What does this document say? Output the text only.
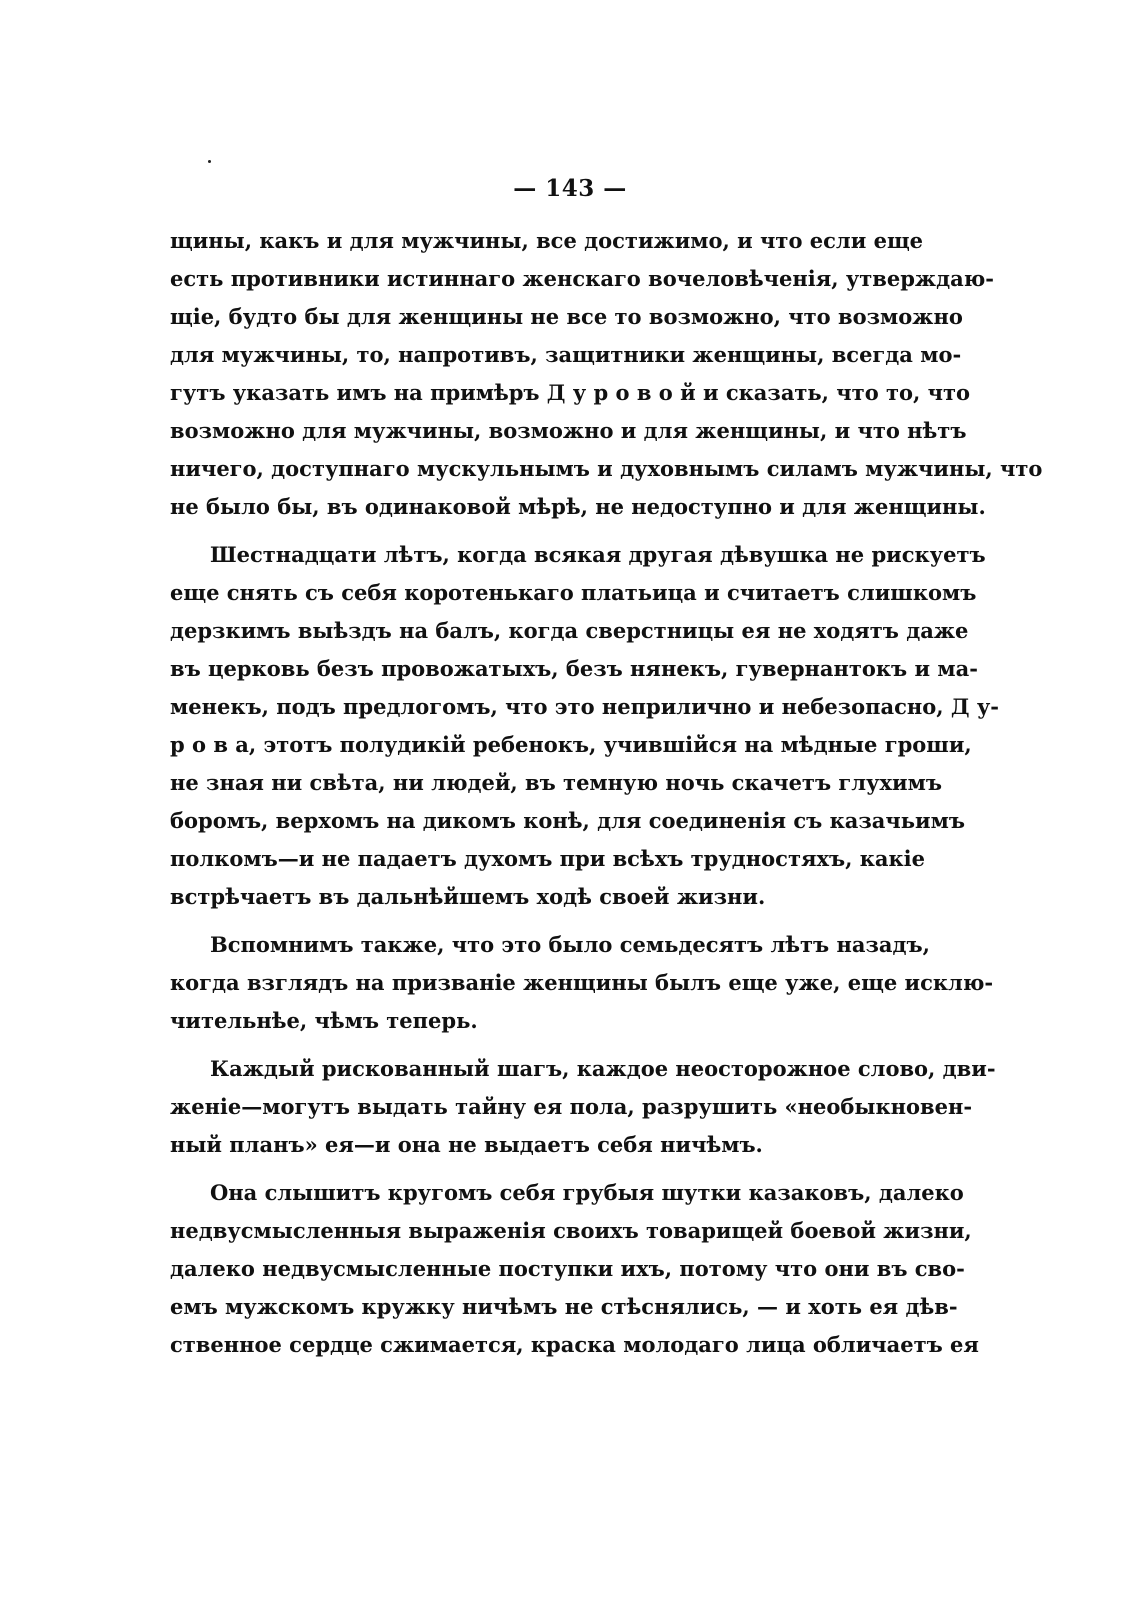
— 143 —
щины, какъ и для мужчины, все достижимо, и что если еще
есть противники истиннаго женскаго вочеловѣченія, утверждаю-
щіе, будто бы для женщины не все то возможно, что возможно
для мужчины, то, напротивъ, защитники женщины, всегда мо-
гутъ указать имъ на примѣръ Д у р о в о й и сказать, что то, что
возможно для мужчины, возможно и для женщины, и что нѣтъ
ничего, доступнаго мускульнымъ и духовнымъ силамъ мужчины, что
не было бы, въ одинаковой мѣрѣ, не недоступно и для женщины.
Шестнадцати лѣтъ, когда всякая другая дѣвушка не рискуетъ
еще снять съ себя коротенькаго платьица и считаетъ слишкомъ
дерзкимъ выѣздъ на балъ, когда сверстницы ея не ходятъ даже
въ церковь безъ провожатыхъ, безъ нянекъ, гувернантокъ и ма-
менекъ, подъ предлогомъ, что это неприлично и небезопасно, Д у-
р о в а, этотъ полудикій ребенокъ, учившійся на мѣдные гроши,
не зная ни свѣта, ни людей, въ темную ночь скачетъ глухимъ
боромъ, верхомъ на дикомъ конѣ, для соединенія съ казачьимъ
полкомъ—и не падаетъ духомъ при всѣхъ трудностяхъ, какіе
встрѣчаетъ въ дальнѣйшемъ ходѣ своей жизни.
Вспомнимъ также, что это было семьдесятъ лѣтъ назадъ,
когда взглядъ на призваніе женщины былъ еще уже, еще исклю-
чительнѣе, чѣмъ теперь.
Каждый рискованный шагъ, каждое неосторожное слово, дви-
женіе—могутъ выдать тайну ея пола, разрушить «необыкновен-
ный планъ» ея—и она не выдаетъ себя ничѣмъ.
Она слышитъ кругомъ себя грубыя шутки казаковъ, далеко
недвусмысленныя выраженія своихъ товарищей боевой жизни,
далеко недвусмысленные поступки ихъ, потому что они въ сво-
емъ мужскомъ кружку ничѣмъ не стѣснялись, — и хоть ея дѣв-
ственное сердце сжимается, краска молодаго лица обличаетъ ея
